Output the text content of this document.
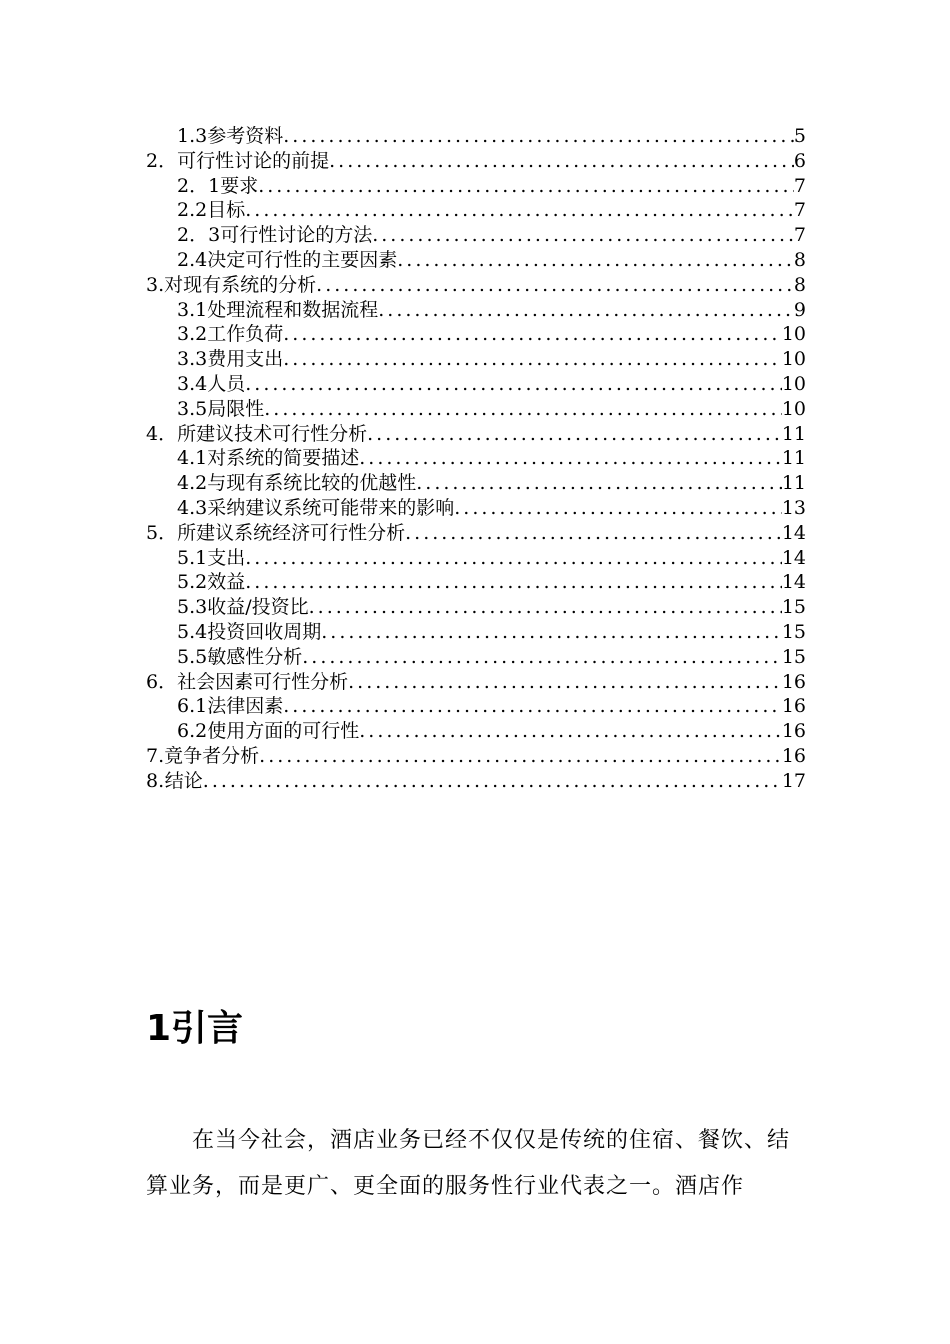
1.3 参考资料 .....	5
2． 可行性讨论的前提 .....	6
2．1 要求 .....	7
2.2 目标 .....	7
2．3 可行性讨论的方法 .....	7
2.4 决定可行性的主要因素 .....	8
3. 对现有系统的分析 .....	8
3.1 处理流程和数据流程 .....	9
3.2 工作负荷 .....	10
3.3 费用支出 .....	10
3.4 人员 .....	10
3.5 局限性 .....	10
4． 所建议技术可行性分析 .....	11
4.1 对系统的简要描述 .....	11
4.2 与现有系统比较的优越性 .....	11
4.3 采纳建议系统可能带来的影响 .....	13
5． 所建议系统经济可行性分析 .....	14
5.1 支出 .....	14
5.2 效益 .....	14
5.3 收益/投资比 .....	15
5.4 投资回收周期 .....	15
5.5 敏感性分析 .....	15
6． 社会因素可行性分析 .....	16
6.1 法律因素 .....	16
6.2 使用方面的可行性 .....	16
7. 竟争者分析 .....	16
8. 结论 .....	17
1引言
在当今社会，酒店业务已经不仅仅是传统的住宿、餐饮、结算业务，而是更广、更全面的服务性行业代表之一。酒店作
